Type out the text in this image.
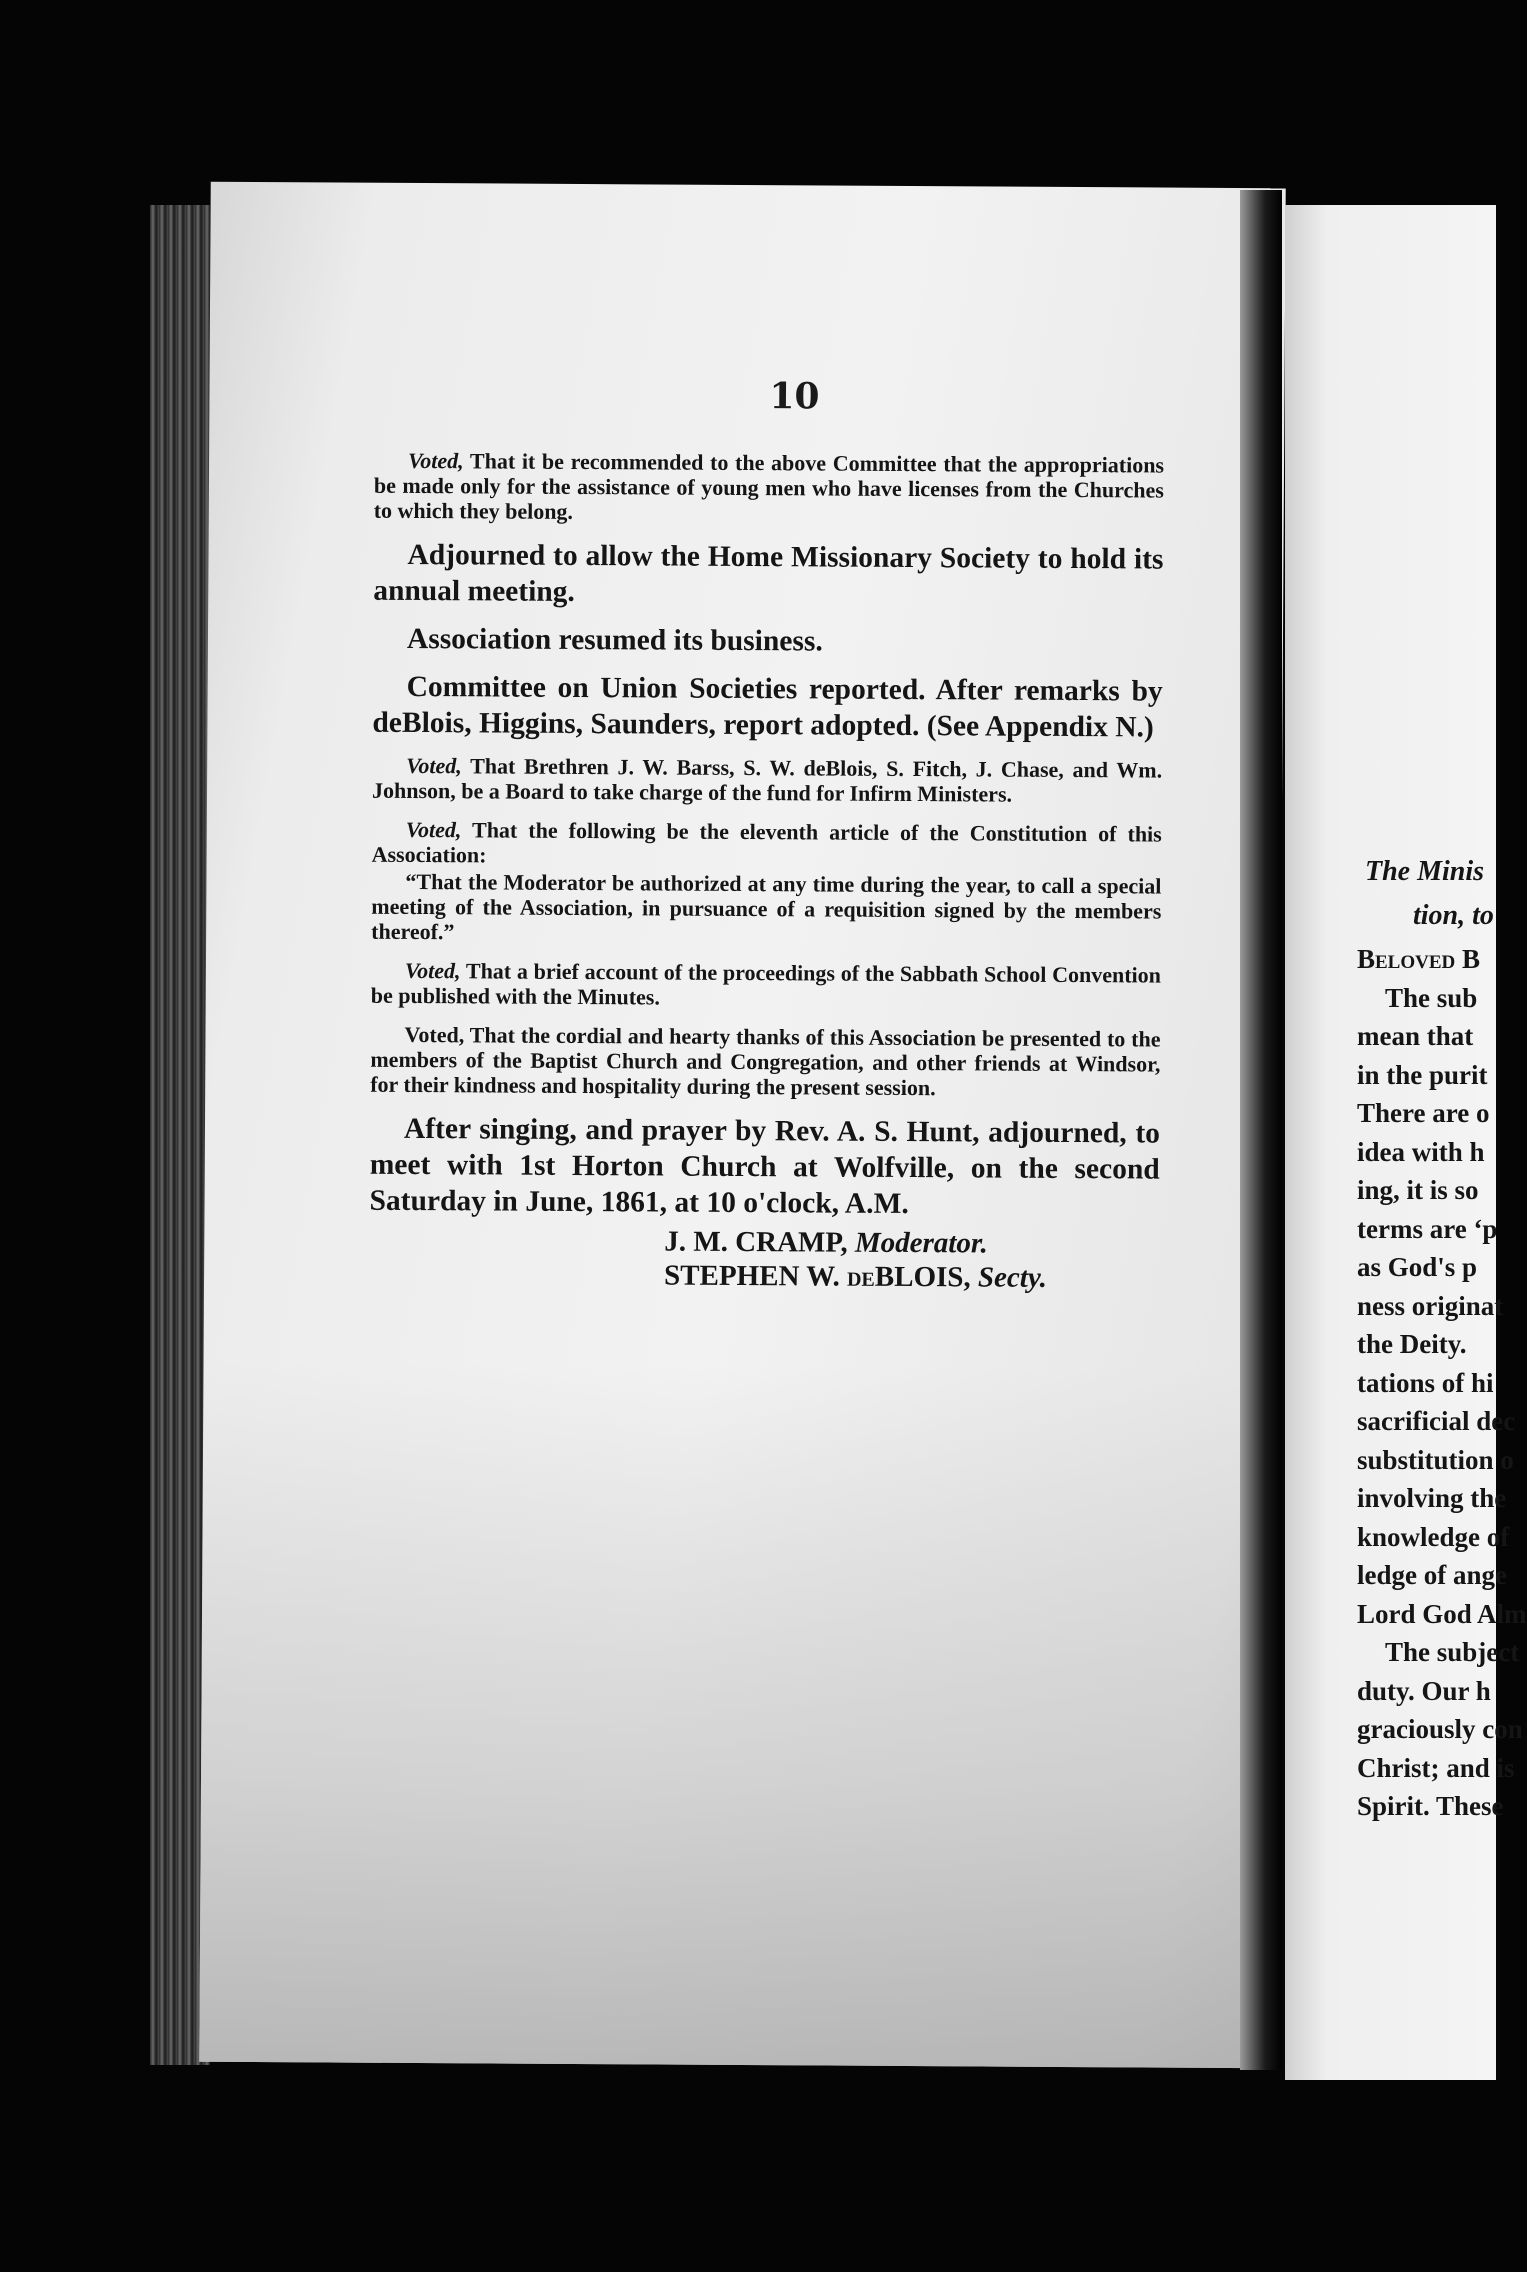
10

Voted, That it be recommended to the above Committee that the appropriations be made only for the assistance of young men who have licenses from the Churches to which they belong.

Adjourned to allow the Home Missionary Society to hold its annual meeting.

Association resumed its business.

Committee on Union Societies reported. After remarks by deBlois, Higgins, Saunders, report adopted. (See Appendix N.)

Voted, That Brethren J. W. Barss, S. W. deBlois, S. Fitch, J. Chase, and Wm. Johnson, be a Board to take charge of the fund for Infirm Ministers.

Voted, That the following be the eleventh article of the Constitution of this Association:

“That the Moderator be authorized at any time during the year, to call a special meeting of the Association, in pursuance of a requisition signed by the members thereof.”

Voted, That a brief account of the proceedings of the Sabbath School Convention be published with the Minutes.

Voted, That the cordial and hearty thanks of this Association be presented to the members of the Baptist Church and Congregation, and other friends at Windsor, for their kindness and hospitality during the present session.

After singing, and prayer by Rev. A. S. Hunt, adjourned, to meet with 1st Horton Church at Wolfville, on the second Saturday in June, 1861, at 10 o'clock, A.M.

J. M. CRAMP, Moderator.
STEPHEN W. deBLOIS, Secty.
The Minis
tion, to
Beloved B
The sub
mean that
in the purit
There are o
idea with h
ing, it is so
terms are ‘p
as God's p
ness originat
the Deity.
tations of hi
sacrificial dec
substitution o
involving the
knowledge of
ledge of ange
Lord God Alm
The subject
duty. Our h
graciously con
Christ; and is
Spirit. These
